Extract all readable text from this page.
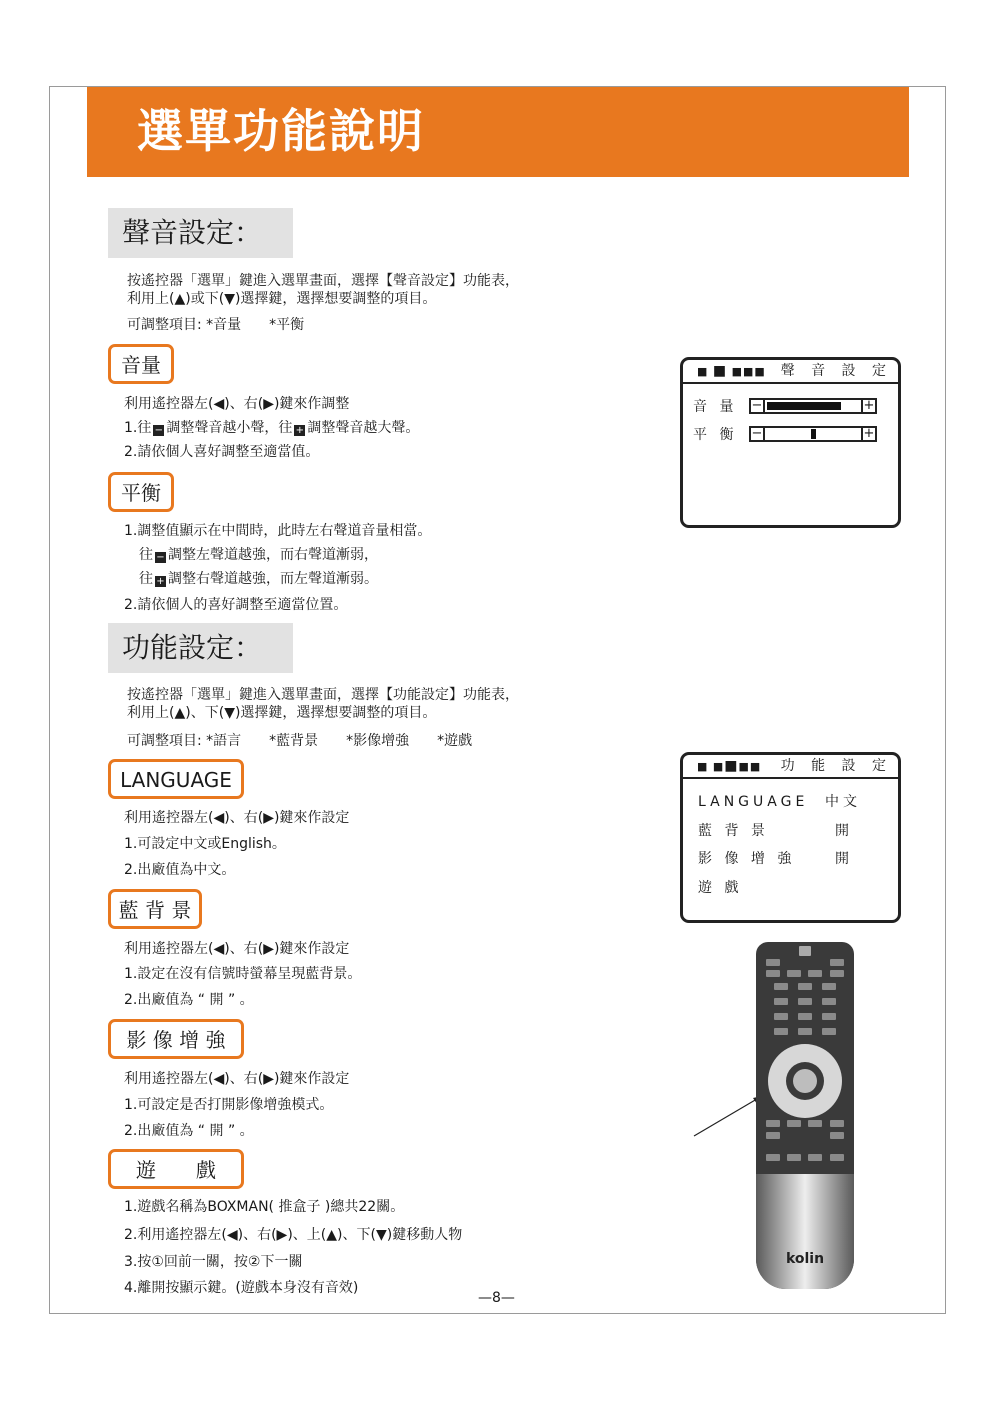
選單功能說明
聲音設定：
按遙控器「選單」鍵進入選單畫面，選擇【聲音設定】功能表，
利用上(▲)或下(▼)選擇鍵，選擇想要調整的項目。
可調整項目: *音量　　*平衡
音量
利用遙控器左(◀)、右(▶)鍵來作調整
1.往 − 調整聲音越小聲，往 + 調整聲音越大聲。
2.請依個人喜好調整至適當值。
平衡
1.調整值顯示在中間時，此時左右聲道音量相當。
往 − 調整左聲道越強，而右聲道漸弱，
往 + 調整右聲道越強，而左聲道漸弱。
2.請依個人的喜好調整至適當位置。
功能設定：
按遙控器「選單」鍵進入選單畫面，選擇【功能設定】功能表，
利用上(▲)、下(▼)選擇鍵，選擇想要調整的項目。
可調整項目: *語言　　*藍背景　　*影像增強　　*遊戲
LANGUAGE
利用遙控器左(◀)、右(▶)鍵來作設定
1.可設定中文或English。
2.出廠值為中文。
藍 背 景
利用遙控器左(◀)、右(▶)鍵來作設定
1.設定在沒有信號時螢幕呈現藍背景。
2.出廠值為 “ 開 ” 。
影 像 增 強
利用遙控器左(◀)、右(▶)鍵來作設定
1.可設定是否打開影像增強模式。
2.出廠值為 “ 開 ” 。
遊　　戲
1.遊戲名稱為BOXMAN( 推盒子 )總共22關。
2.利用遙控器左(◀)、右(▶)、上(▲)、下(▼)鍵移動人物
3.按①回前一關，按②下一關
4.離開按顯示鍵。(遊戲本身沒有音效)
■ ■ ■■■ 聲 音 設 定
音 量 −	+
平 衡 −	+
■ ■■■■ 功 能 設 定
LANGUAGE 中文
藍 背 景	開
影 像 增 強	開
遊 戲
kolin
—8—
